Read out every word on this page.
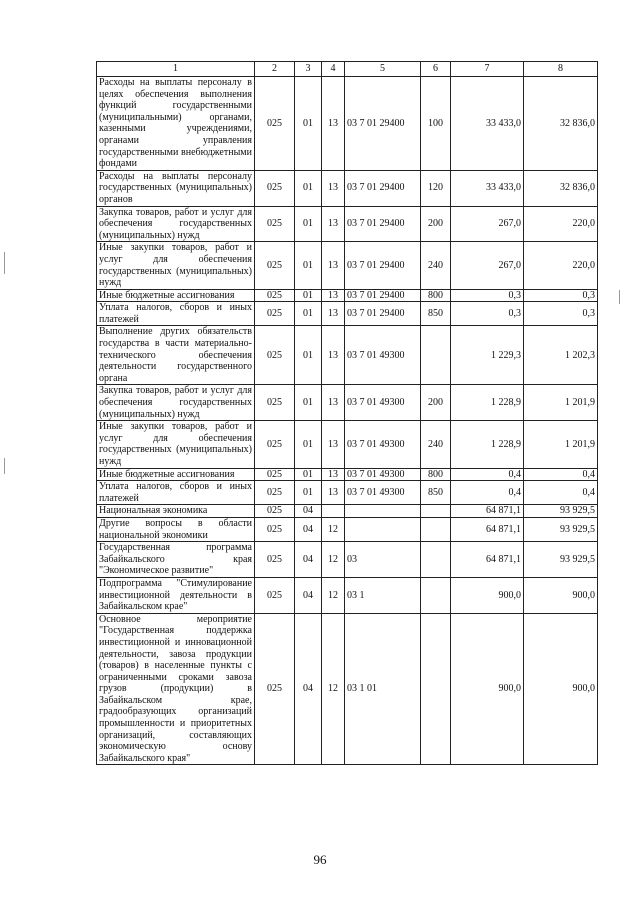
1	2	3	4	5	6	7	8
Расходы на выплаты персоналу в целях обеспечения выполнения функций государственными (муниципальными) органами, казенными учреждениями, органами управления государственными внебюджетными фондами	025	01	13	03 7 01 29400	100	33 433,0	32 836,0
Расходы на выплаты персоналу государственных (муниципальных) органов	025	01	13	03 7 01 29400	120	33 433,0	32 836,0
Закупка товаров, работ и услуг для обеспечения государственных (муниципальных) нужд	025	01	13	03 7 01 29400	200	267,0	220,0
Иные закупки товаров, работ и услуг для обеспечения государственных (муниципальных) нужд	025	01	13	03 7 01 29400	240	267,0	220,0
Иные бюджетные ассигнования	025	01	13	03 7 01 29400	800	0,3	0,3
Уплата налогов, сборов и иных платежей	025	01	13	03 7 01 29400	850	0,3	0,3
Выполнение других обязательств государства в части материально-технического обеспечения деятельности государственного органа	025	01	13	03 7 01 49300		1 229,3	1 202,3
Закупка товаров, работ и услуг для обеспечения государственных (муниципальных) нужд	025	01	13	03 7 01 49300	200	1 228,9	1 201,9
Иные закупки товаров, работ и услуг для обеспечения государственных (муниципальных) нужд	025	01	13	03 7 01 49300	240	1 228,9	1 201,9
Иные бюджетные ассигнования	025	01	13	03 7 01 49300	800	0,4	0,4
Уплата налогов, сборов и иных платежей	025	01	13	03 7 01 49300	850	0,4	0,4
Национальная экономика	025	04				64 871,1	93 929,5
Другие вопросы в области национальной экономики	025	04	12			64 871,1	93 929,5
Государственная программа Забайкальского края "Экономическое развитие"	025	04	12	03		64 871,1	93 929,5
Подпрограмма "Стимулирование инвестиционной деятельности в Забайкальском крае"	025	04	12	03 1		900,0	900,0
Основное мероприятие "Государственная поддержка инвестиционной и инновационной деятельности, завоза продукции (товаров) в населенные пункты с ограниченными сроками завоза грузов (продукции) в Забайкальском крае, градообразующих организаций промышленности и приоритетных организаций, составляющих экономическую основу Забайкальского края"	025	04	12	03 1 01		900,0	900,0
96
